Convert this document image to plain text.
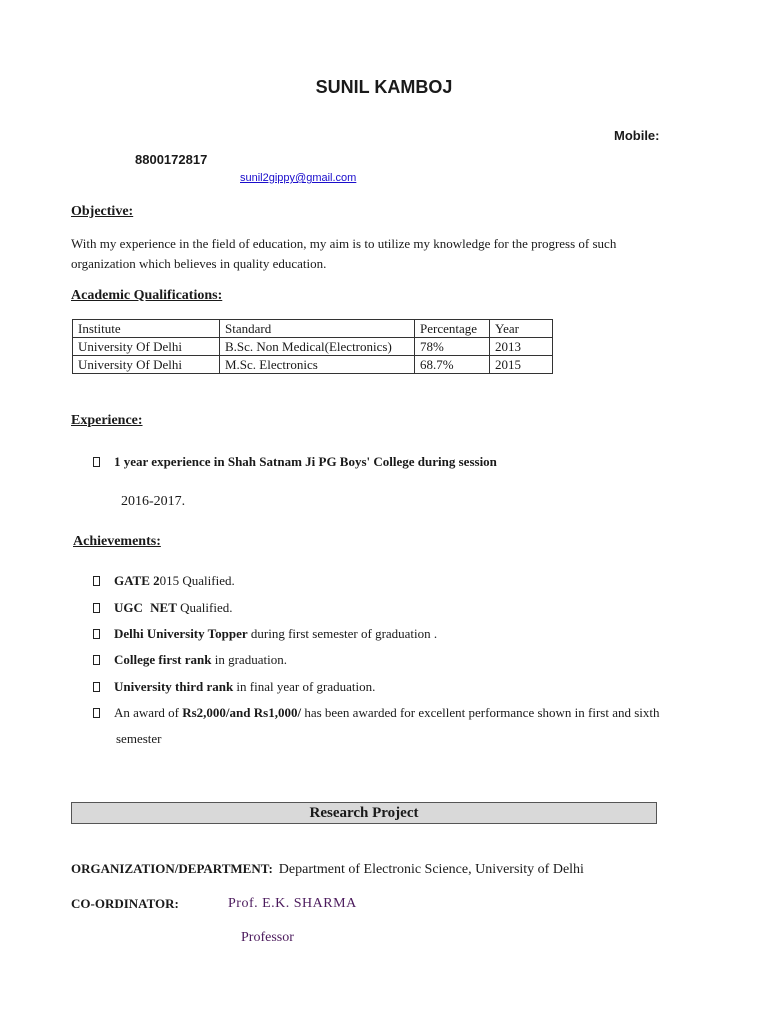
SUNIL KAMBOJ
Mobile:
8800172817
sunil2gippy@gmail.com
Objective:
With my experience in the field of education, my aim is to utilize my knowledge for the progress of such
organization which believes in quality education.
Academic Qualifications:
Institute	Standard	Percentage	Year
University Of Delhi	B.Sc. Non Medical(Electronics)	78%	2013
University Of Delhi	M.Sc. Electronics	68.7%	2015
Experience:
1 year experience in Shah Satnam Ji PG Boys' College during session
2016-2017.
Achievements:
GATE 2015 Qualified.
UGC NET Qualified.
Delhi University Topper during first semester of graduation .
College first rank in graduation.
University third rank in final year of graduation.
An award of Rs2,000/and Rs1,000/ has been awarded for excellent performance shown in first and sixth
semester
Research Project
ORGANIZATION/DEPARTMENT: Department of Electronic Science, University of Delhi
CO-ORDINATOR:	Prof. E.K. SHARMA
Professor
